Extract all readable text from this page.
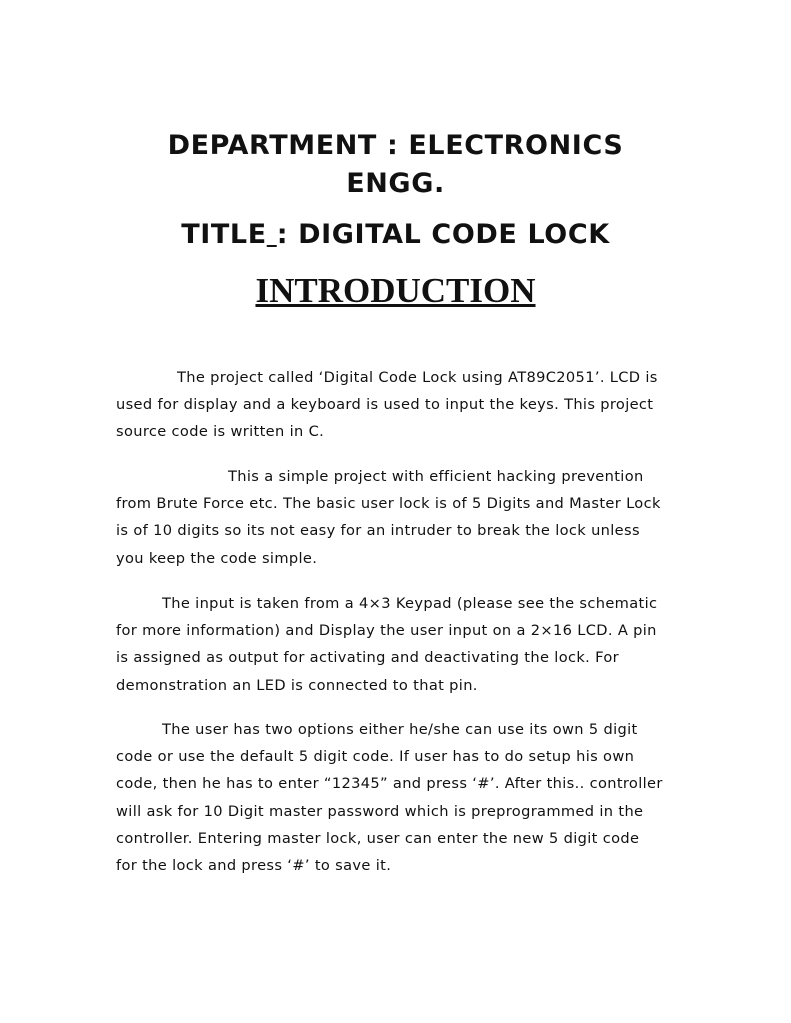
DEPARTMENT : ELECTRONICS ENGG.
TITLE : DIGITAL CODE LOCK
INTRODUCTION

The project called ‘Digital Code Lock using AT89C2051’. LCD is
used for display and a keyboard is used to input the keys. This project
source code is written in C.

This a simple project with efficient hacking prevention
from Brute Force etc. The basic user lock is of 5 Digits and Master Lock
is of 10 digits so its not easy for an intruder to break the lock unless
you keep the code simple.

The input is taken from a 4×3 Keypad (please see the schematic
for more information) and Display the user input on a 2×16 LCD. A pin
is assigned as output for activating and deactivating the lock. For
demonstration an LED is connected to that pin.

The user has two options either he/she can use its own 5 digit
code or use the default 5 digit code. If user has to do setup his own
code, then he has to enter “12345” and press ‘#’. After this.. controller
will ask for 10 Digit master password which is preprogrammed in the
controller. Entering master lock, user can enter the new 5 digit code
for the lock and press ‘#’ to save it.
